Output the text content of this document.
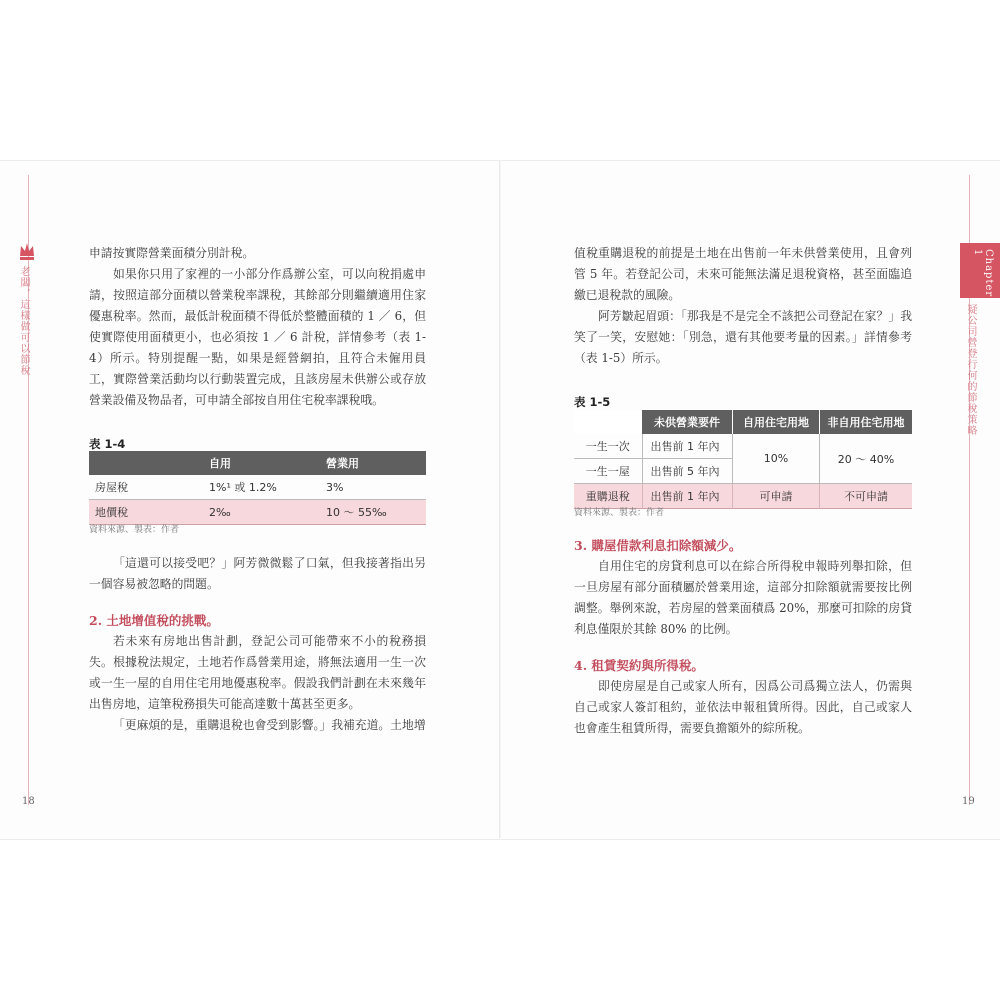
老闆，這樣做可以節稅

申請按實際營業面積分別計稅。

如果你只用了家裡的一小部分作爲辦公室，可以向稅捐處申請，按照這部分面積以營業稅率課稅，其餘部分則繼續適用住家優惠稅率。然而，最低計稅面積不得低於整體面積的 1 ／ 6，但使實際使用面積更小，也必須按 1 ／ 6 計稅，詳情參考（表 1-4）所示。特別提醒一點，如果是經營網拍，且符合未僱用員工，實際營業活動均以行動裝置完成，且該房屋未供辦公或存放營業設備及物品者，可申請全部按自用住宅稅率課稅哦。

表 1-4
	自用	營業用
房屋稅	1%¹ 或 1.2%	3%
地價稅	2‰	10 ～ 55‰
資料來源、製表：作者

「這還可以接受吧？」阿芳微微鬆了口氣，但我接著指出另一個容易被忽略的問題。

2. 土地增值稅的挑戰。

若未來有房地出售計劃，登記公司可能帶來不小的稅務損失。根據稅法規定，土地若作爲營業用途，將無法適用一生一次或一生一屋的自用住宅用地優惠稅率。假設我們計劃在未來幾年出售房地，這筆稅務損失可能高達數十萬甚至更多。

「更麻煩的是，重購退稅也會受到影響。」我補充道。土地增

18
Chapter 1
疑公司營登行何的節稅策略

值稅重購退稅的前提是土地在出售前一年未供營業使用，且會列管 5 年。若登記公司，未來可能無法滿足退稅資格，甚至面臨追繳已退稅款的風險。

阿芳皺起眉頭：「那我是不是完全不該把公司登記在家？」我笑了一笑，安慰她：「別急，還有其他要考量的因素。」詳情參考（表 1-5）所示。

表 1-5
	未供營業要件	自用住宅用地	非自用住宅用地
一生一次	出售前 1 年內	10%	20 ～ 40%
一生一屋	出售前 5 年內		
重購退稅	出售前 1 年內	可申請	不可申請
資料來源、製表：作者

3. 購屋借款利息扣除額減少。

自用住宅的房貸利息可以在綜合所得稅申報時列舉扣除，但一旦房屋有部分面積屬於營業用途，這部分扣除額就需要按比例調整。舉例來說，若房屋的營業面積爲 20%，那麼可扣除的房貸利息僅限於其餘 80% 的比例。

4. 租賃契約與所得稅。

即使房屋是自己或家人所有，因爲公司爲獨立法人，仍需與自己或家人簽訂租約，並依法申報租賃所得。因此，自己或家人也會產生租賃所得，需要負擔額外的綜所稅。

19
